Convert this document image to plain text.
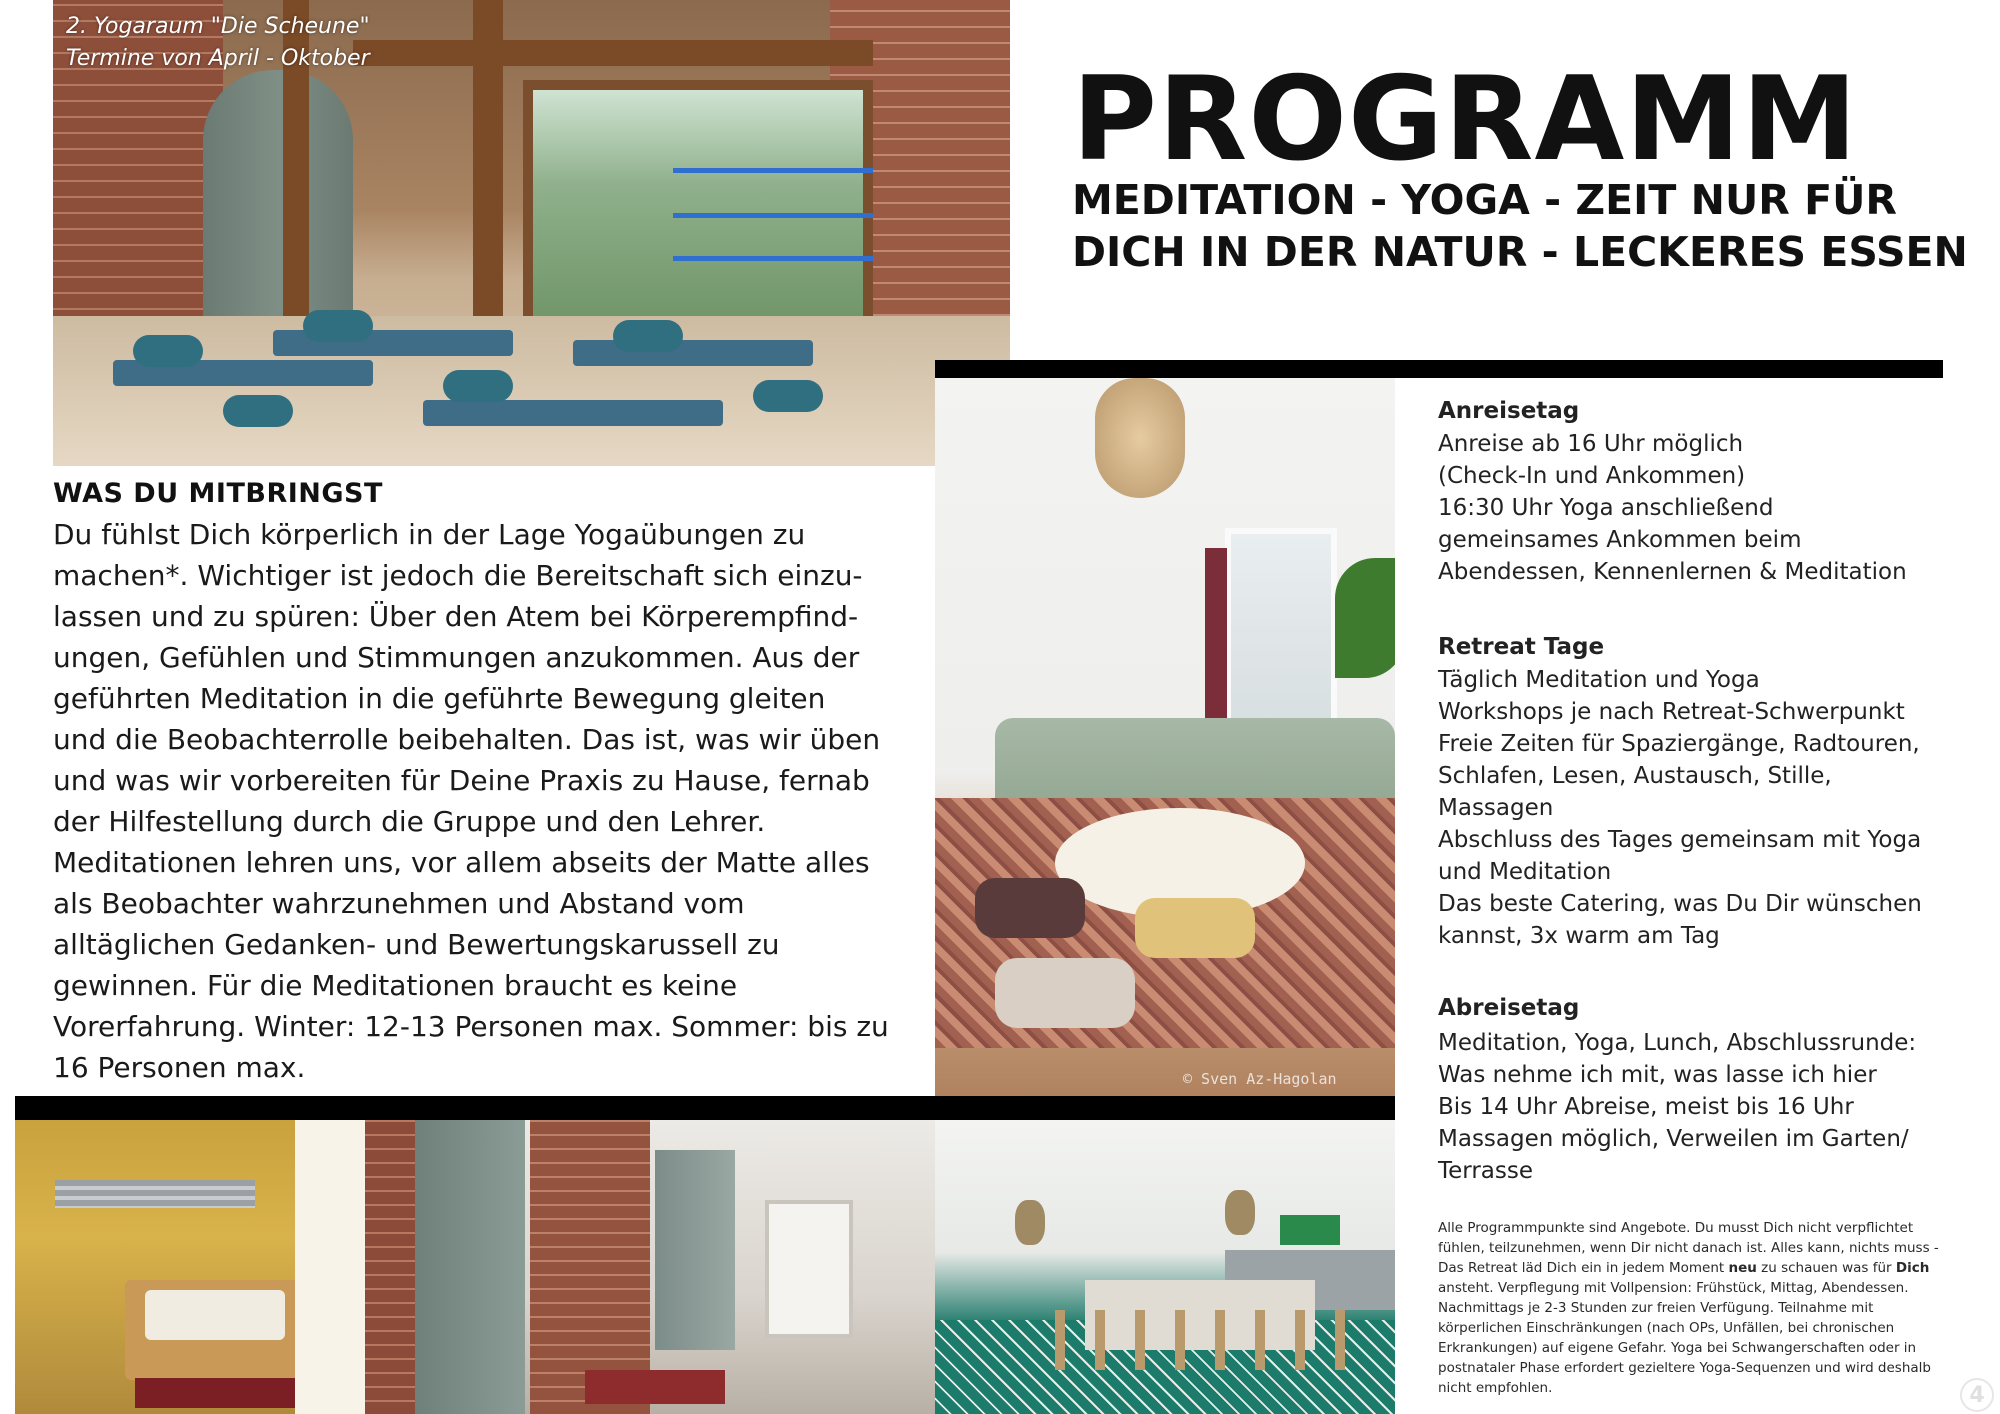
2. Yogaraum "Die Scheune"
Termine von April - Oktober	PROGRAMM
MEDITATION - YOGA - ZEIT NUR FÜR
DICH IN DER NATUR - LECKERES ESSEN
© Sven Az-Hagolan
WAS DU MITBRINGST
Du fühlst Dich körperlich in der Lage Yogaübungen zu
machen*. Wichtiger ist jedoch die Bereitschaft sich einzu-
lassen und zu spüren: Über den Atem bei Körperempfind-
ungen, Gefühlen und Stimmungen anzukommen. Aus der
geführten Meditation in die geführte Bewegung gleiten
und die Beobachterrolle beibehalten. Das ist, was wir üben
und was wir vorbereiten für Deine Praxis zu Hause, fernab
der Hilfestellung durch die Gruppe und den Lehrer.
Meditationen lehren uns, vor allem abseits der Matte alles
als Beobachter wahrzunehmen und Abstand vom
alltäglichen Gedanken- und Bewertungskarussell zu
gewinnen. Für die Meditationen braucht es keine
Vorerfahrung. Winter: 12-13 Personen max. Sommer: bis zu
16 Personen max.
Anreisetag
Anreise ab 16 Uhr möglich
(Check-In und Ankommen)
16:30 Uhr Yoga anschließend
gemeinsames Ankommen beim
Abendessen, Kennenlernen & Meditation
Retreat Tage
Täglich Meditation und Yoga
Workshops je nach Retreat-Schwerpunkt
Freie Zeiten für Spaziergänge, Radtouren,
Schlafen, Lesen, Austausch, Stille,
Massagen
Abschluss des Tages gemeinsam mit Yoga
und Meditation
Das beste Catering, was Du Dir wünschen
kannst, 3x warm am Tag
Abreisetag
Meditation, Yoga, Lunch, Abschlussrunde:
Was nehme ich mit, was lasse ich hier
Bis 14 Uhr Abreise, meist bis 16 Uhr
Massagen möglich, Verweilen im Garten/
Terrasse
Alle Programmpunkte sind Angebote. Du musst Dich nicht verpflichtet fühlen, teilzunehmen, wenn Dir nicht danach ist. Alles kann, nichts muss - Das Retreat läd Dich ein in jedem Moment neu zu schauen was für Dich ansteht. Verpflegung mit Vollpension: Frühstück, Mittag, Abendessen. Nachmittags je 2-3 Stunden zur freien Verfügung. Teilnahme mit körperlichen Einschränkungen (nach OPs, Unfällen, bei chronischen Erkrankungen) auf eigene Gefahr. Yoga bei Schwangerschaften oder in postnataler Phase erfordert gezieltere Yoga-Sequenzen und wird deshalb nicht empfohlen.	4
